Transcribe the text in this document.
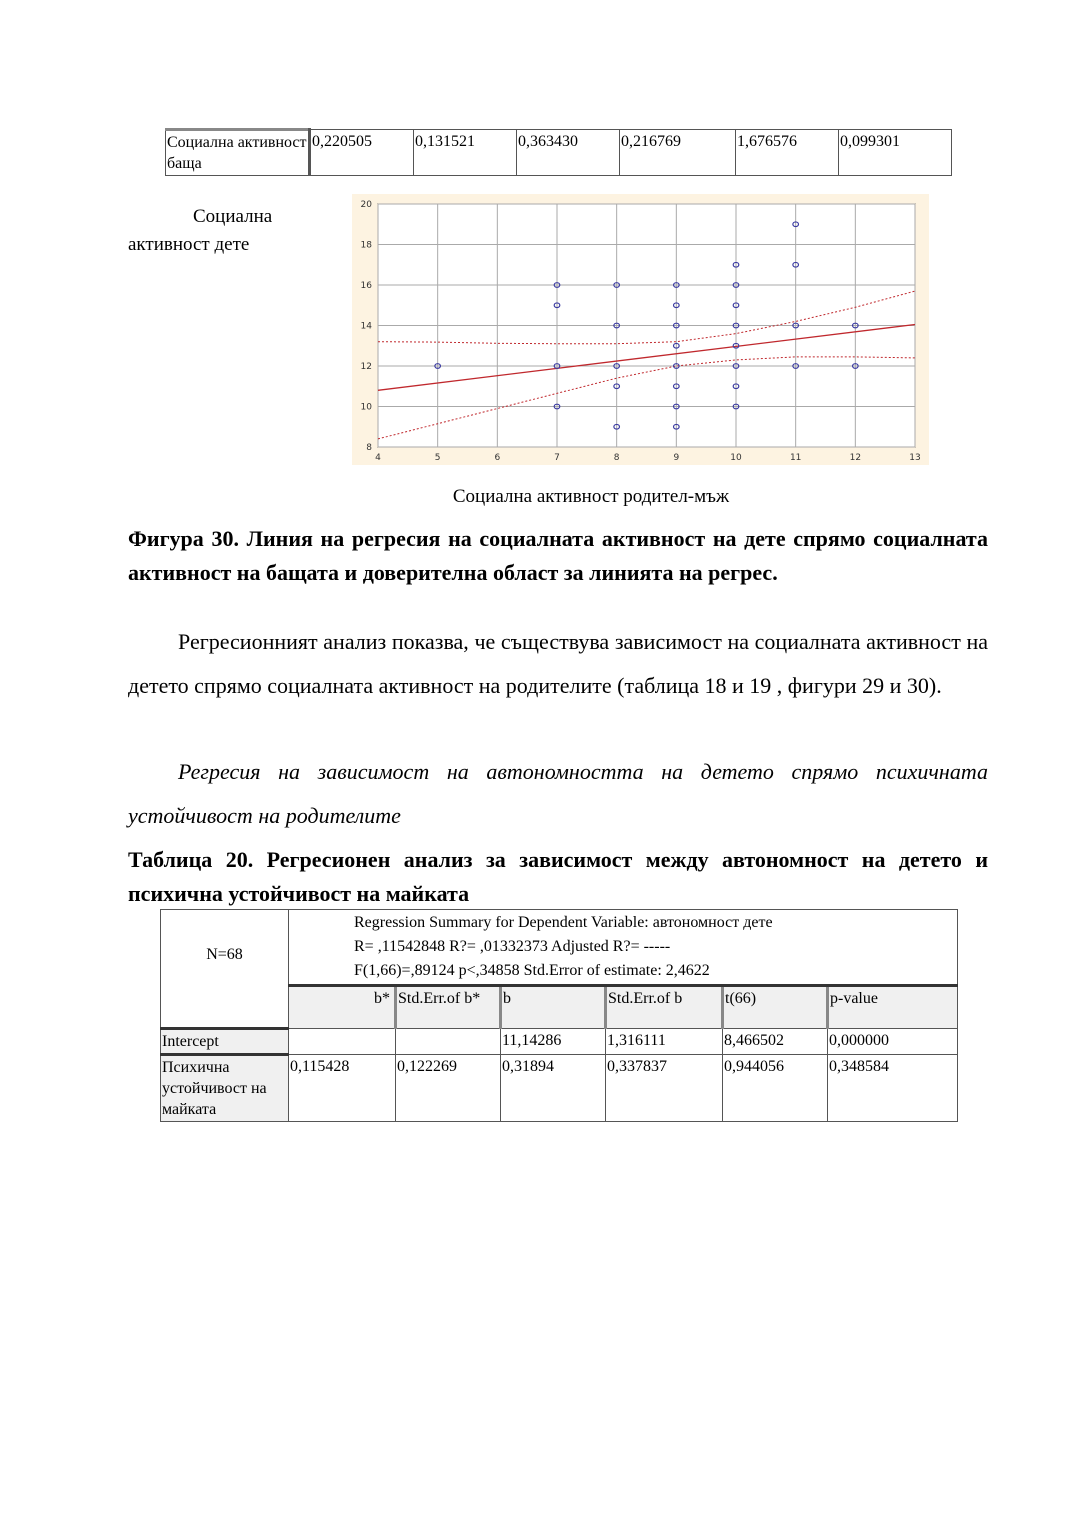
Социална активност баща	0,220505	0,131521	0,363430	0,216769	1,676576	0,099301
Социална активност дете
4	5	6	7	8	9	10	11	12	13
8
10
12
14
16
18
20
Социална активност родител-мъж
Фигура 30. Линия на регресия на социалната активност на дете спрямо социалната активност на бащата и доверителна област за линията на регрес.
Регресионният анализ показва, че съществува зависимост на социалната активност на детето спрямо социалната активност на родителите (таблица 18 и 19 , фигури 29 и 30).
Регресия на зависимост на автономността на детето спрямо психичната устойчивост на родителите
Таблица 20. Регресионен анализ за зависимост между автономност на детето и психична устойчивост на майката
N=68	Regression Summary for Dependent Variable: автономност дете
R= ,11542848 R?= ,01332373 Adjusted R?= -----
F(1,66)=,89124 p<,34858 Std.Error of estimate: 2,4622					

	b*	Std.Err.of b*	b	Std.Err.of b	t(66)	p-value
Intercept			11,14286	1,316111	8,466502	0,000000
Психична устойчивост на майката	0,115428	0,122269	0,31894	0,337837	0,944056	0,348584
